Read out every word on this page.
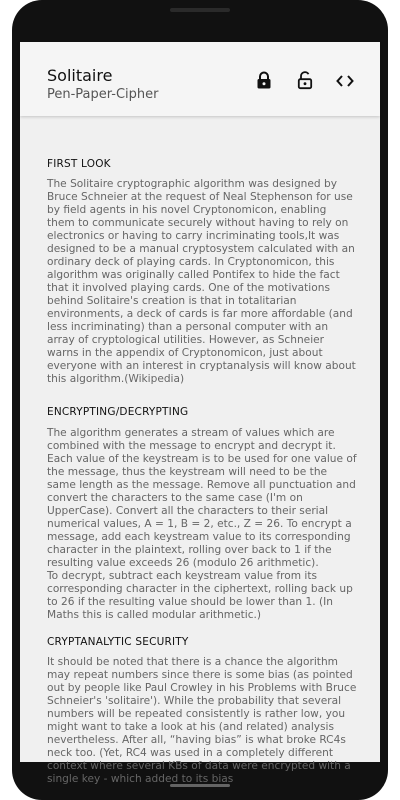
Solitaire
Pen-Paper-Cipher

FIRST LOOK

The Solitaire cryptographic algorithm was designed by Bruce Schneier at the request of Neal Stephenson for use by field agents in his novel Cryptonomicon, enabling them to communicate securely without having to rely on electronics or having to carry incriminating tools,It was designed to be a manual cryptosystem calculated with an ordinary deck of playing cards. In Cryptonomicon, this algorithm was originally called Pontifex to hide the fact that it involved playing cards. One of the motivations behind Solitaire's creation is that in totalitarian environments, a deck of cards is far more affordable (and less incriminating) than a personal computer with an array of cryptological utilities. However, as Schneier warns in the appendix of Cryptonomicon, just about everyone with an interest in cryptanalysis will know about this algorithm.(Wikipedia)

ENCRYPTING/DECRYPTING

The algorithm generates a stream of values which are combined with the message to encrypt and decrypt it. Each value of the keystream is to be used for one value of the message, thus the keystream will need to be the same length as the message. Remove all punctuation and convert the characters to the same case (I'm on UpperCase). Convert all the characters to their serial numerical values, A = 1, B = 2, etc., Z = 26. To encrypt a message, add each keystream value to its corresponding character in the plaintext, rolling over back to 1 if the resulting value exceeds 26 (modulo 26 arithmetic).
To decrypt, subtract each keystream value from its corresponding character in the ciphertext, rolling back up to 26 if the resulting value should be lower than 1. (In Maths this is called modular arithmetic.)

CRYPTANALYTIC SECURITY

It should be noted that there is a chance the algorithm may repeat numbers since there is some bias (as pointed out by people like Paul Crowley in his Problems with Bruce Schneier's 'solitaire'). While the probability that several numbers will be repeated consistently is rather low, you might want to take a look at his (and related) analysis nevertheless. After all, “having bias” is what broke RC4s neck too. (Yet, RC4 was used in a completely different context where several KBs of data were encrypted with a single key - which added to its bias
